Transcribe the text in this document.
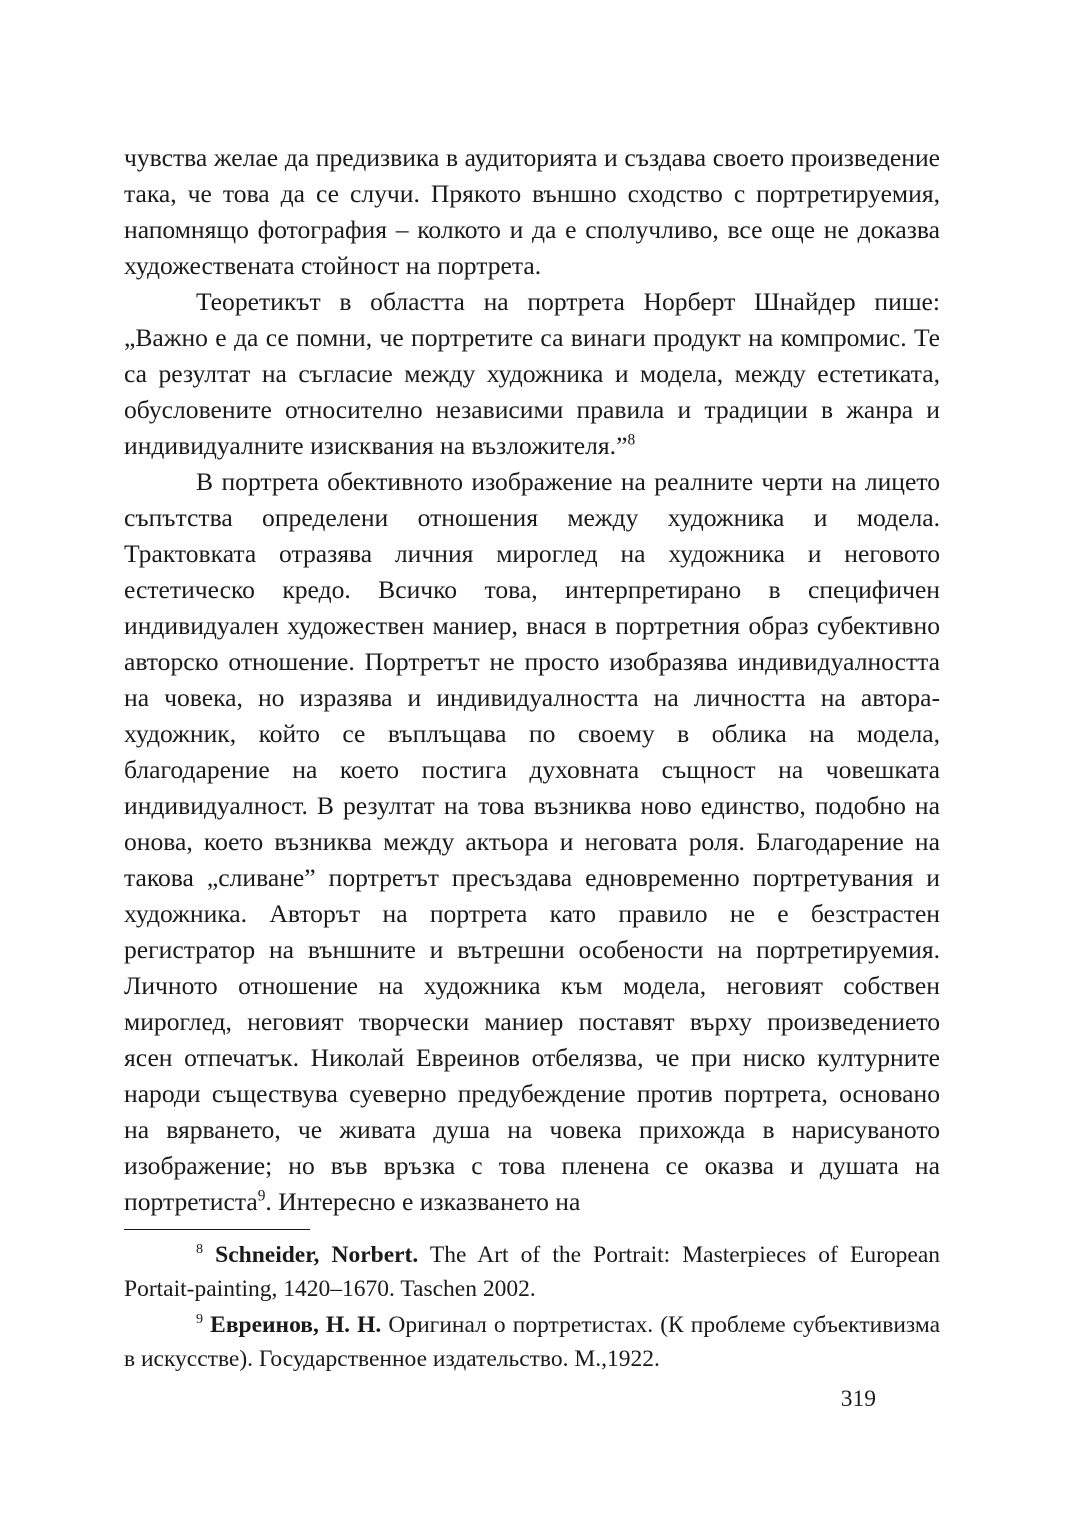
чувства желае да предизвика в аудиторията и създава своето произведение така, че това да се случи. Прякото външно сходство с портретируемия, напомнящо фотография – колкото и да е сполучливо, все още не доказва художествената стойност на портрета.

Теоретикът в областта на портрета Норберт Шнайдер пише: „Важно е да се помни, че портретите са винаги продукт на компромис. Те са резултат на съгласие между художника и модела, между естетиката, обусловените относително независими правила и традиции в жанра и индивидуалните изисквания на възложителя.”$^8$

В портрета обективното изображение на реалните черти на лицето съпътства определени отношения между художника и модела. Трактовката отразява личния мироглед на художника и неговото естетическо кредо. Всичко това, интерпретирано в специфичен индивидуален художествен маниер, внася в портретния образ субективно авторско отношение. Портретът не просто изобразява индивидуалността на човека, но изразява и индивидуалността на личността на автора-художник, който се въплъщава по своему в облика на модела, благодарение на което постига духовната същност на човешката индивидуалност. В резултат на това възниква ново единство, подобно на онова, което възниква между актьора и неговата роля. Благодарение на такова „сливане” портретът пресъздава едновременно портретувания и художника. Авторът на портрета като правило не е безстрастен регистратор на външните и вътрешни особености на портретируемия. Личното отношение на художника към модела, неговият собствен мироглед, неговият творчески маниер поставят върху произведението ясен отпечатък. Николай Евреинов отбелязва, че при ниско културните народи съществува суеверно предубеждение против портрета, основано на вярването, че живата душа на човека прихожда в нарисуваното изображение; но във връзка с това пленена се оказва и душата на портретиста$^9$. Интересно е изказването на

$^8$ Schneider, Norbert. The Art of the Portrait: Masterpieces of European Portait-painting, 1420–1670. Taschen 2002.

$^9$ Евреинов, Н. Н. Оригинал о портретистах. (К проблеме субъективизма в искусстве). Государственное издательство. М.,1922.

319
